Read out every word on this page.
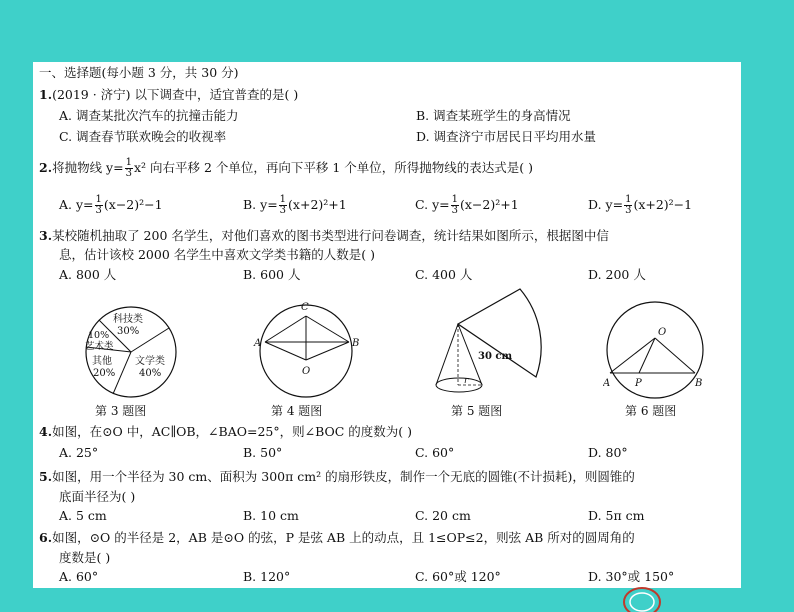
一、选择题(每小题 3 分，共 30 分)
1.(2019 · 济宁) 以下调查中，适宜普查的是( )
A. 调查某批次汽车的抗撞击能力	B. 调查某班学生的身高情况
C. 调查春节联欢晚会的收视率	D. 调查济宁市居民日平均用水量
2.将抛物线 $y= \frac{1}{3} x^2$ 向右平移 2 个单位，再向下平移 1 个单位，所得抛物线的表达式是( )
A. $y= \frac{1}{3} (x-2)^2-1$	B. $y= \frac{1}{3} (x+2)^2+1$	C. $y= \frac{1}{3} (x-2)^2+1$	D. $y= \frac{1}{3} (x+2)^2-1$
3.某校随机抽取了 200 名学生，对他们喜欢的图书类型进行问卷调查，统计结果如图所示，根据图中信
息，估计该校 2000 名学生中喜欢文学类书籍的人数是( )
A. 800 人	B. 600 人	C. 400 人	D. 200 人
科技类
30%
10%
艺术类
其他
20%
文学类
40%
第 3 题图
A	B
C
O
第 4 题图
30 cm
r
第 5 题图
O
A	B
P
第 6 题图
4.如图，在⊙O 中，AC∥OB，∠BAO=25°，则∠BOC 的度数为( )
A. 25°	B. 50°	C. 60°	D. 80°
5.如图，用一个半径为 30 cm、面积为 300π cm² 的扇形铁皮，制作一个无底的圆锥(不计损耗)，则圆锥的
底面半径为( )
A. 5 cm	B. 10 cm	C. 20 cm	D. 5π cm
6.如图，⊙O 的半径是 2，AB 是⊙O 的弦，P 是弦 AB 上的动点，且 1≤OP≤2，则弦 AB 所对的圆周角的
度数是( )
A. 60°	B. 120°	C. 60°或 120°	D. 30°或 150°
